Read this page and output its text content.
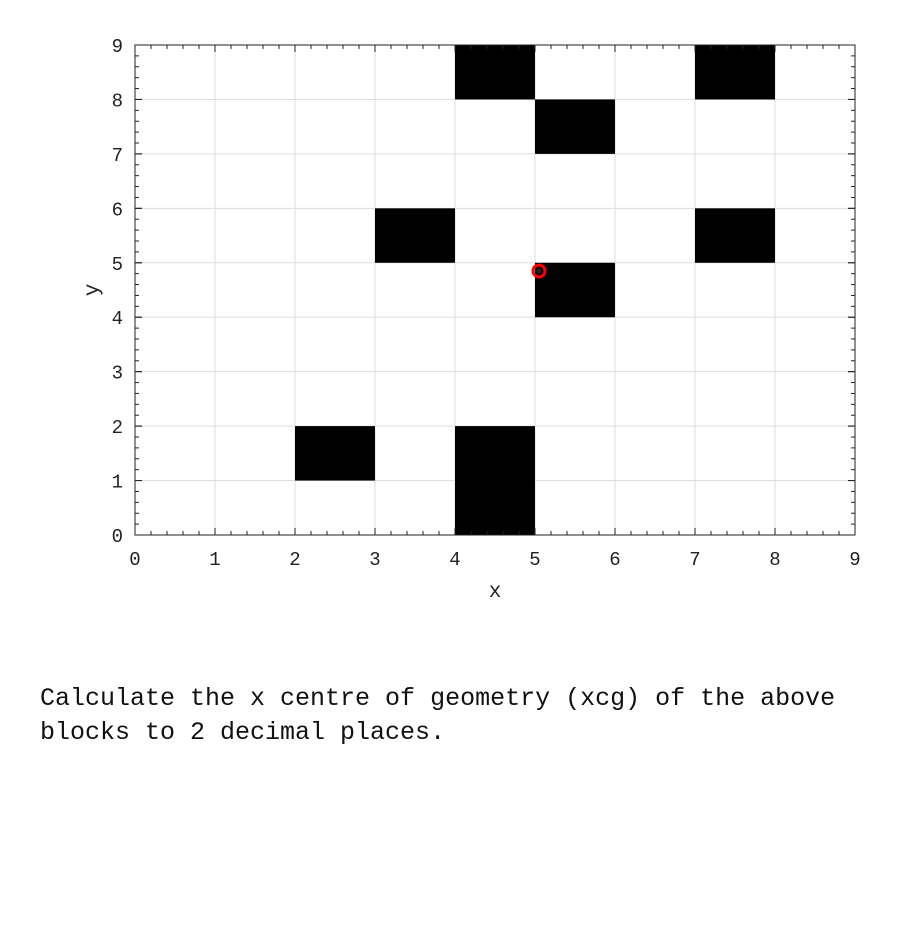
0	1	2	3	4	5	6	7	8	9
0
1
2
3
4
5
6
7
8
9
x
y

Calculate the x centre of geometry (xcg) of the above blocks to 2 decimal places.
